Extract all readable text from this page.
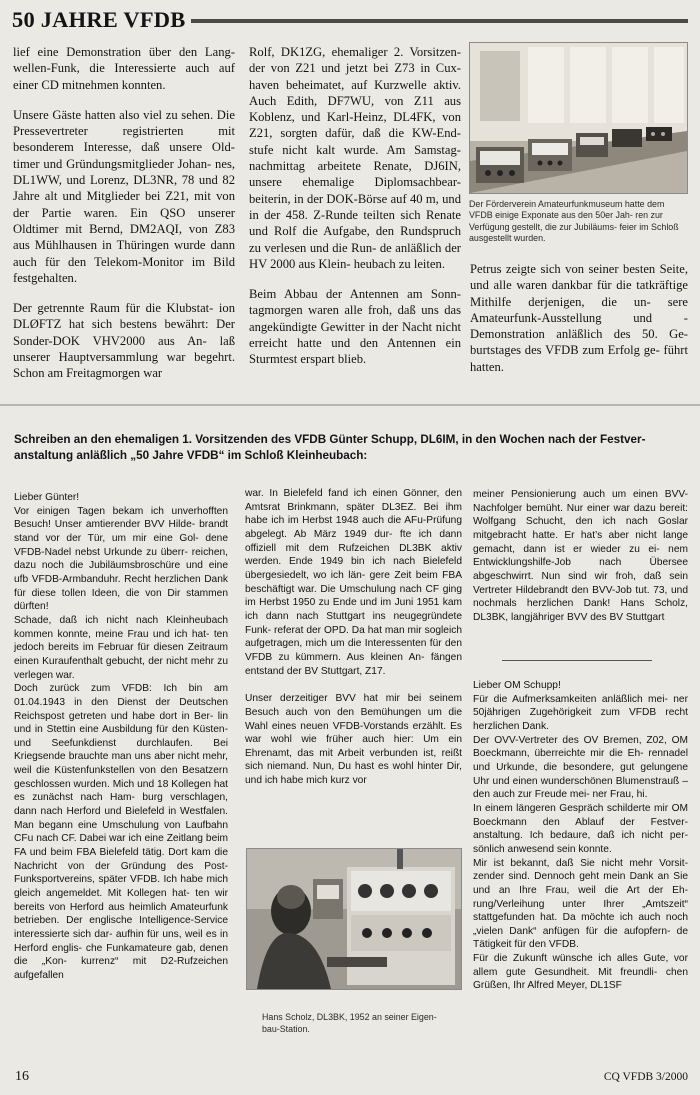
50 JAHRE VFDB

lief eine Demonstration über den Lang- wellen-Funk, die Interessierte auch auf einer CD mitnehmen konnten.

Unsere Gäste hatten also viel zu sehen. Die Pressevertreter registrierten mit besonderem Interesse, daß unsere Old- timer und Gründungsmitglieder Johan- nes, DL1WW, und Lorenz, DL3NR, 78 und 82 Jahre alt und Mitglieder bei Z21, mit von der Partie waren. Ein QSO unserer Oldtimer mit Bernd, DM2AQI, von Z83 aus Mühlhausen in Thüringen wurde dann auch für den Telekom-Monitor im Bild festgehalten.

Der getrennte Raum für die Klubstat- ion DLØFTZ hat sich bestens bewährt: Der Sonder-DOK VHV2000 aus An- laß unserer Hauptversammlung war begehrt. Schon am Freitagmorgen war

Rolf, DK1ZG, ehemaliger 2. Vorsitzen- der von Z21 und jetzt bei Z73 in Cux- haven beheimatet, auf Kurzwelle aktiv. Auch Edith, DF7WU, von Z11 aus Koblenz, und Karl-Heinz, DL4FK, von Z21, sorgten dafür, daß die KW-End- stufe nicht kalt wurde. Am Samstag- nachmittag arbeitete Renate, DJ6IN, unsere ehemalige Diplomsachbear- beiterin, in der DOK-Börse auf 40 m, und in der 458. Z-Runde teilten sich Renate und Rolf die Aufgabe, den Rundspruch zu verlesen und die Run- de anläßlich der HV 2000 aus Klein- heubach zu leiten.

Beim Abbau der Antennen am Sonn- tagmorgen waren alle froh, daß uns das angekündigte Gewitter in der Nacht nicht erreicht hatte und den Antennen ein Sturmtest erspart blieb.

Der Förderverein Amateurfunkmuseum hatte dem VFDB einige Exponate aus den 50er Jah- ren zur Verfügung gestellt, die zur Jubiläums- feier im Schloß ausgestellt wurden.

Petrus zeigte sich von seiner besten Seite, und alle waren dankbar für die tatkräftige Mithilfe derjenigen, die un- sere Amateurfunk-Ausstellung und -Demonstration anläßlich des 50. Ge- burtstages des VFDB zum Erfolg ge- führt hatten.

Schreiben an den ehemaligen 1. Vorsitzenden des VFDB Günter Schupp, DL6IM, in den Wochen nach der Festver- anstaltung anläßlich „50 Jahre VFDB“ im Schloß Kleinheubach:

Lieber Günter!
Vor einigen Tagen bekam ich unverhofften Besuch! Unser amtierender BVV Hilde- brandt stand vor der Tür, um mir eine Gol- dene VFDB-Nadel nebst Urkunde zu überr- reichen, dazu noch die Jubiläumsbroschüre und eine ufb VFDB-Armbanduhr. Recht herzlichen Dank für diese tollen Ideen, die von Dir stammen dürften!
Schade, daß ich nicht nach Kleinheubach kommen konnte, meine Frau und ich hat- ten jedoch bereits im Februar für diesen Zeitraum einen Kuraufenthalt gebucht, der nicht mehr zu verlegen war.
Doch zurück zum VFDB: Ich bin am 01.04.1943 in den Dienst der Deutschen Reichspost getreten und habe dort in Ber- lin und in Stettin eine Ausbildung für den Küsten- und Seefunkdienst durchlaufen. Bei Kriegsende brauchte man uns aber nicht mehr, weil die Küstenfunkstellen von den Besatzern geschlossen wurden. Mich und 18 Kollegen hat es zunächst nach Ham- burg verschlagen, dann nach Herford und Bielefeld in Westfalen. Man begann eine Umschulung von Laufbahn CFu nach CF. Dabei war ich eine Zeitlang beim FA und beim FBA Bielefeld tätig. Dort kam die Nachricht von der Gründung des Post- Funksportvereins, später VFDB. Ich habe mich gleich angemeldet. Mit Kollegen hat- ten wir bereits von Herford aus heimlich Amateurfunk betrieben. Der englische Intelligence-Service interessierte sich dar- aufhin für uns, weil es in Herford englis- che Funkamateure gab, denen die „Kon- kurrenz“ mit D2-Rufzeichen aufgefallen

war. In Bielefeld fand ich einen Gönner, den Amtsrat Brinkmann, später DL3EZ. Bei ihm habe ich im Herbst 1948 auch die AFu-Prüfung abgelegt. Ab März 1949 dur- fte ich dann offiziell mit dem Rufzeichen DL3BK aktiv werden. Ende 1949 bin ich nach Bielefeld übergesiedelt, wo ich län- gere Zeit beim FBA beschäftigt war. Die Umschulung nach CF ging im Herbst 1950 zu Ende und im Juni 1951 kam ich dann nach Stuttgart ins neugegründete Funk- referat der OPD. Da hat man mir sogleich aufgetragen, mich um die Interessenten für den VFDB zu kümmern. Aus kleinen An- fängen entstand der BV Stuttgart, Z17.

Unser derzeitiger BVV hat mir bei seinem Besuch auch von den Bemühungen um die Wahl eines neuen VFDB-Vorstands erzählt. Es war wohl wie früher auch hier: Um ein Ehrenamt, das mit Arbeit verbunden ist, reißt sich niemand. Nun, Du hast es wohl hinter Dir, und ich habe mich kurz vor

Hans Scholz, DL3BK, 1952 an seiner Eigen- bau-Station.

meiner Pensionierung auch um einen BVV- Nachfolger bemüht. Nur einer war dazu bereit: Wolfgang Schucht, den ich nach Goslar mitgebracht hatte. Er hat’s aber nicht lange gemacht, dann ist er wieder zu ei- nem Entwicklungshilfe-Job nach Übersee abgeschwirrt. Nun sind wir froh, daß sein Vertreter Hildebrandt den BVV-Job tut. 73, und nochmals herzlichen Dank! Hans Scholz, DL3BK, langjähriger BVV des BV Stuttgart

Lieber OM Schupp!
Für die Aufmerksamkeiten anläßlich mei- ner 50jährigen Zugehörigkeit zum VFDB recht herzlichen Dank.
Der OVV-Vertreter des OV Bremen, Z02, OM Boeckmann, überreichte mir die Eh- rennadel und Urkunde, die besondere, gut gelungene Uhr und einen wunderschönen Blumenstrauß – den auch zur Freude mei- ner Frau, hi.
In einem längeren Gespräch schilderte mir OM Boeckmann den Ablauf der Festver- anstaltung. Ich bedaure, daß ich nicht per- sönlich anwesend sein konnte.
Mir ist bekannt, daß Sie nicht mehr Vorsit- zender sind. Dennoch geht mein Dank an Sie und an Ihre Frau, weil die Art der Eh- rung/Verleihung unter Ihrer „Amtszeit“ stattgefunden hat. Da möchte ich auch noch „vielen Dank“ anfügen für die aufopfern- de Tätigkeit für den VFDB.
Für die Zukunft wünsche ich alles Gute, vor allem gute Gesundheit. Mit freundli- chen Grüßen, Ihr Alfred Meyer, DL1SF

16	CQ VFDB 3/2000
